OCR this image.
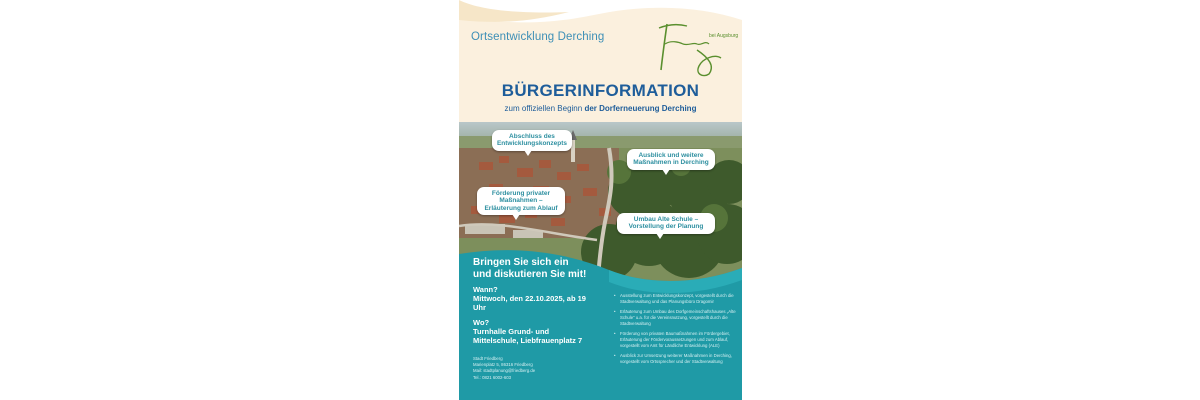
Ortsentwicklung Derching	bei Augsburg
BÜRGERINFORMATION
zum offiziellen Beginn der Dorferneuerung Derching
Abschluss des Entwicklungskonzepts
Ausblick und weitere Maßnahmen in Derching
Förderung privater Maßnahmen – Erläuterung zum Ablauf
Umbau Alte Schule – Vorstellung der Planung
Bringen Sie sich ein
und diskutieren Sie mit!
Wann?
Mittwoch, den 22.10.2025, ab 19 Uhr
Wo?
Turnhalle Grund- und Mittelschule, Liebfrauenplatz 7
Stadt Friedberg
Marienplatz 5, 86316 Friedberg
Mail: stadtplanung@friedberg.de
Tel.: 0821 6002-603
• Ausstellung zum Entwicklungskonzept, vorgestellt durch die Stadtverwaltung und das Planungsbüro Dragomir
• Erläuterung zum Umbau des Dorfgemeinschaftshauses „Alte Schule“ u.a. für die Vereinsnutzung, vorgestellt durch die Stadtverwaltung
• Förderung von privaten Baumaßnahmen im Fördergebiet, Erläuterung der Fördervoraussetzungen und zum Ablauf, vorgestellt vom Amt für Ländliche Entwicklung (ALE)
• Ausblick zur Umsetzung weiterer Maßnahmen in Derching, vorgestellt vom Ortssprecher und der Stadtverwaltung
